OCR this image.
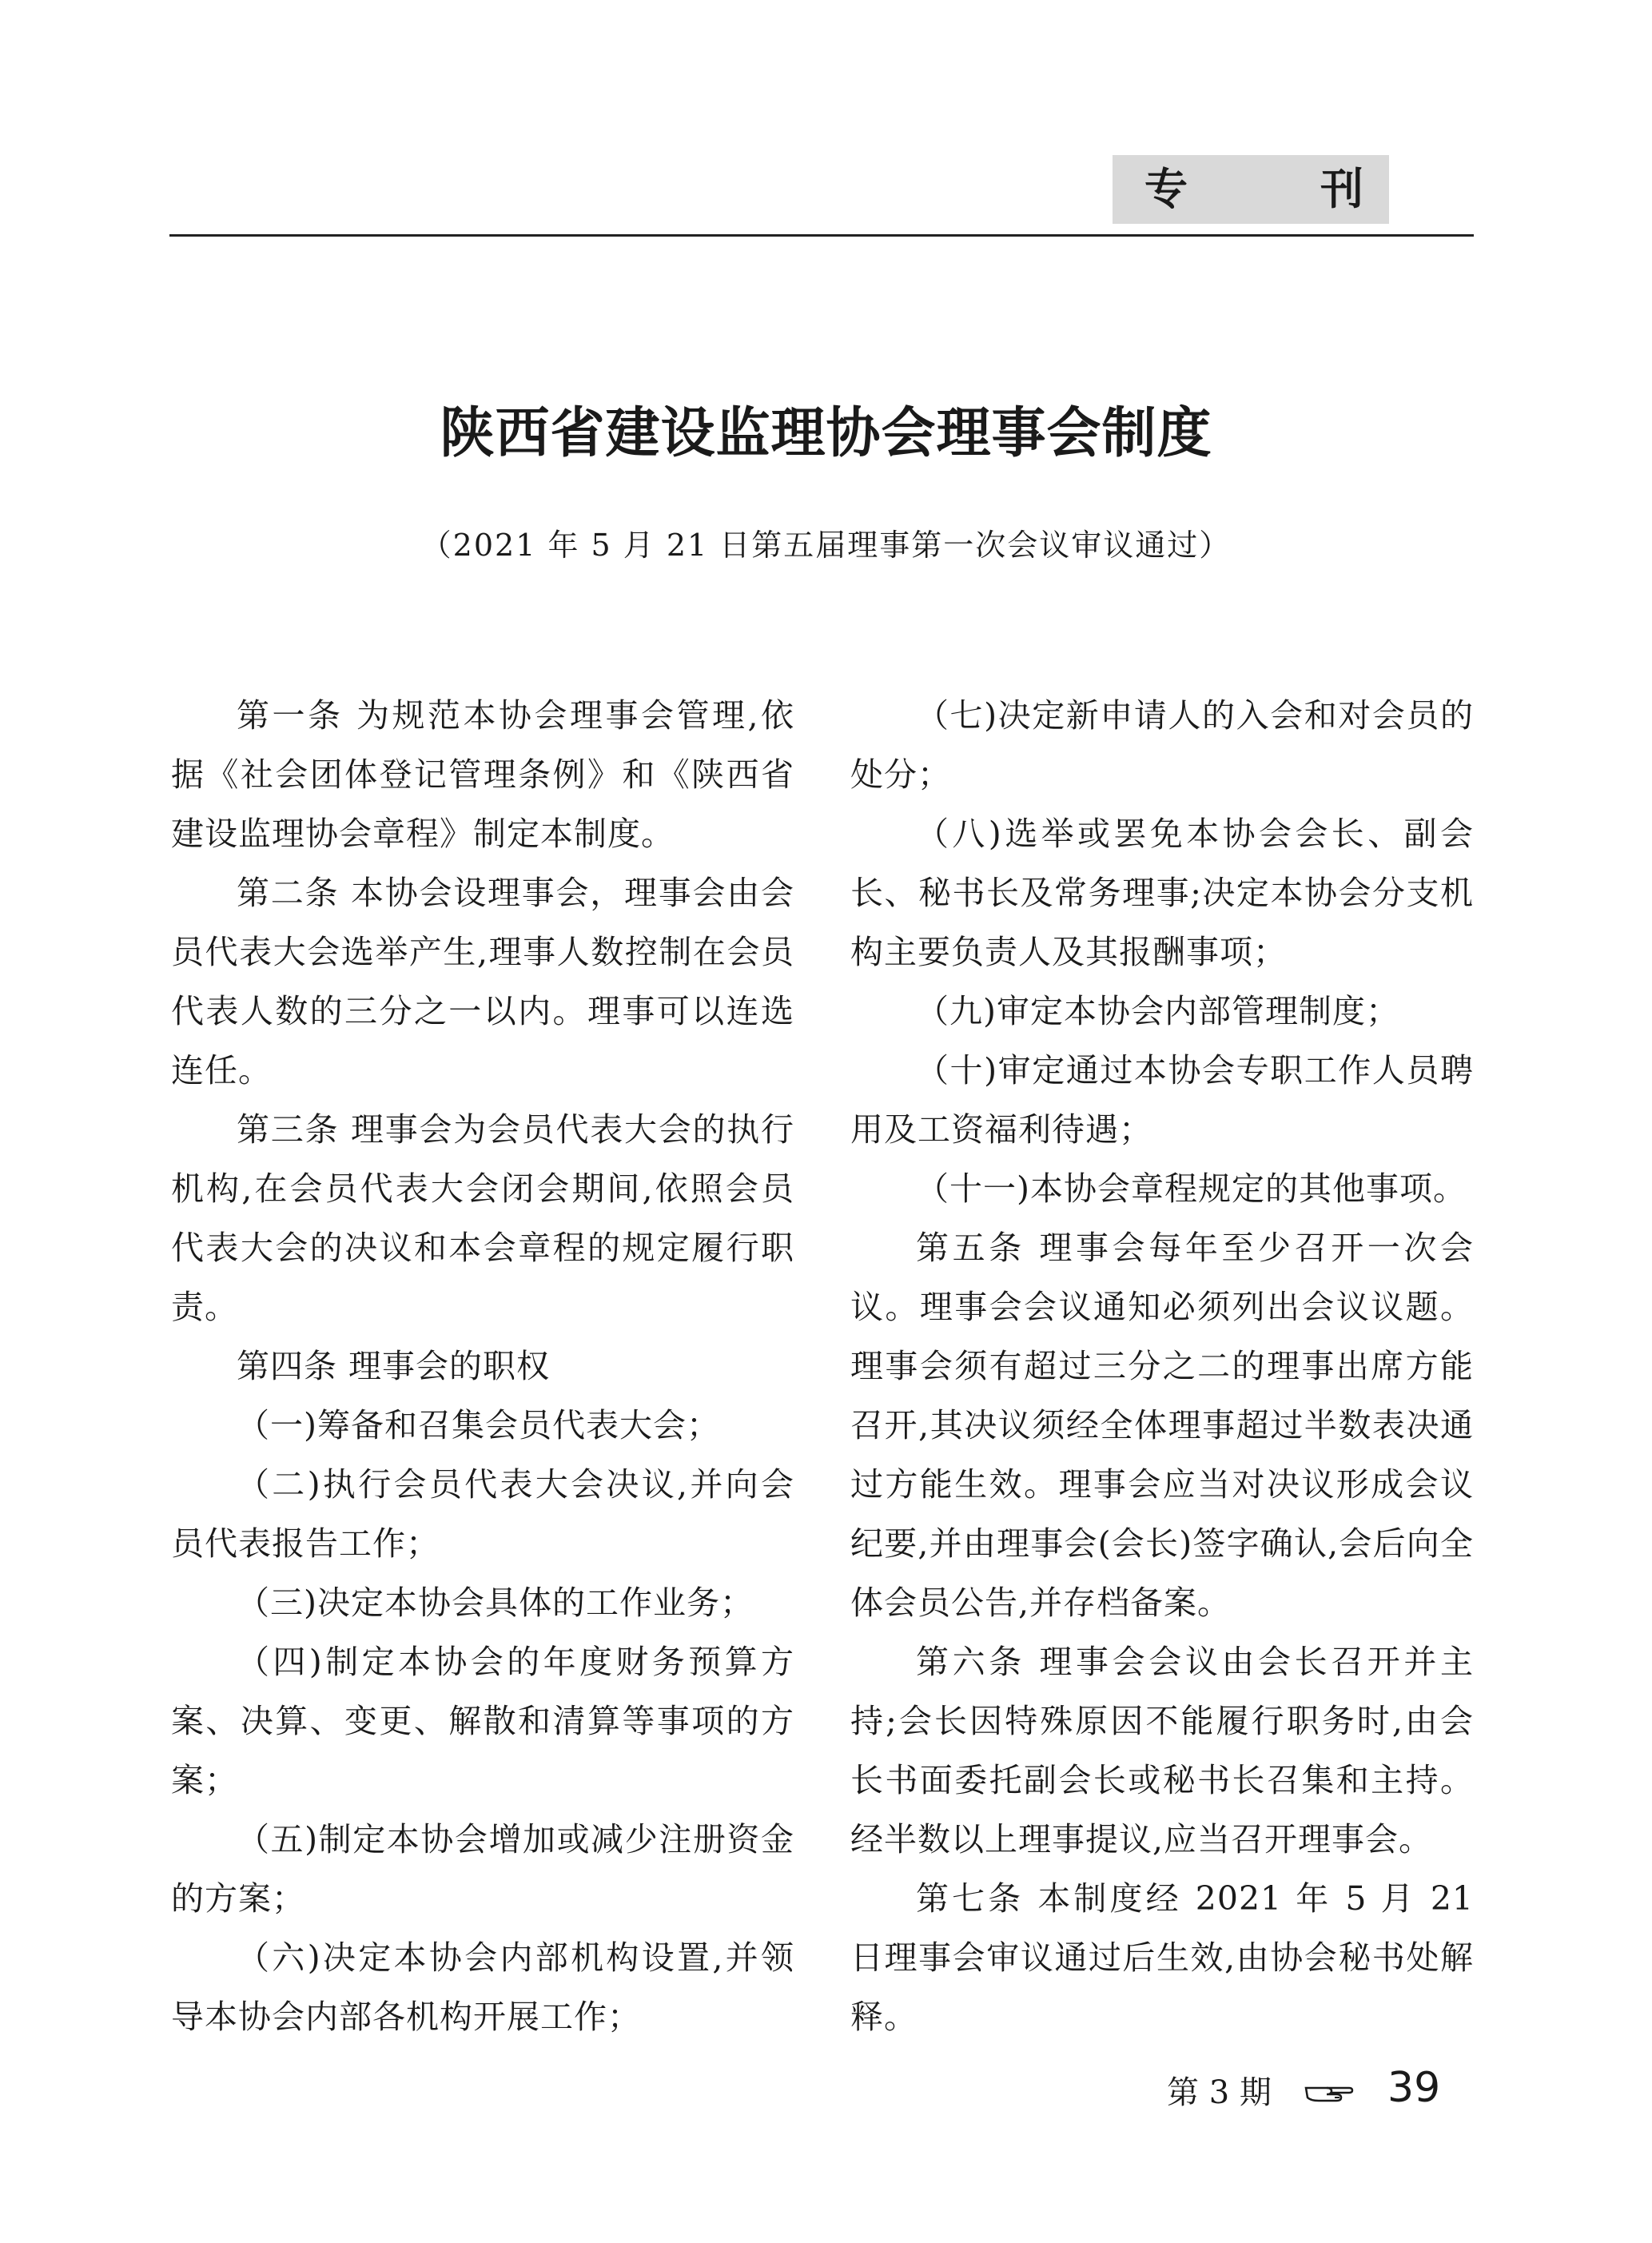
专	刊
陕西省建设监理协会理事会制度
（2021 年 5 月 21 日第五届理事第一次会议审议通过）

第一条 为规范本协会理事会管理,依据《社会团体登记管理条例》和《陕西省建设监理协会章程》制定本制度。

第二条 本协会设理事会，理事会由会员代表大会选举产生,理事人数控制在会员代表人数的三分之一以内。理事可以连选连任。

第三条 理事会为会员代表大会的执行机构,在会员代表大会闭会期间,依照会员代表大会的决议和本会章程的规定履行职责。

第四条 理事会的职权

（一)筹备和召集会员代表大会；

（二)执行会员代表大会决议,并向会员代表报告工作；

（三)决定本协会具体的工作业务；

（四)制定本协会的年度财务预算方案、决算、变更、解散和清算等事项的方案；

（五)制定本协会增加或减少注册资金的方案；

（六)决定本协会内部机构设置,并领导本协会内部各机构开展工作；

（七)决定新申请人的入会和对会员的处分；

（八)选举或罢免本协会会长、副会长、秘书长及常务理事;决定本协会分支机构主要负责人及其报酬事项；

（九)审定本协会内部管理制度；

（十)审定通过本协会专职工作人员聘用及工资福利待遇；

（十一)本协会章程规定的其他事项。

第五条 理事会每年至少召开一次会议。理事会会议通知必须列出会议议题。理事会须有超过三分之二的理事出席方能召开,其决议须经全体理事超过半数表决通过方能生效。理事会应当对决议形成会议纪要,并由理事会(会长)签字确认,会后向全体会员公告,并存档备案。

第六条 理事会会议由会长召开并主持;会长因特殊原因不能履行职务时,由会长书面委托副会长或秘书长召集和主持。经半数以上理事提议,应当召开理事会。

第七条 本制度经 2021 年 5 月 21 日理事会审议通过后生效,由协会秘书处解释。

第 3 期	39
